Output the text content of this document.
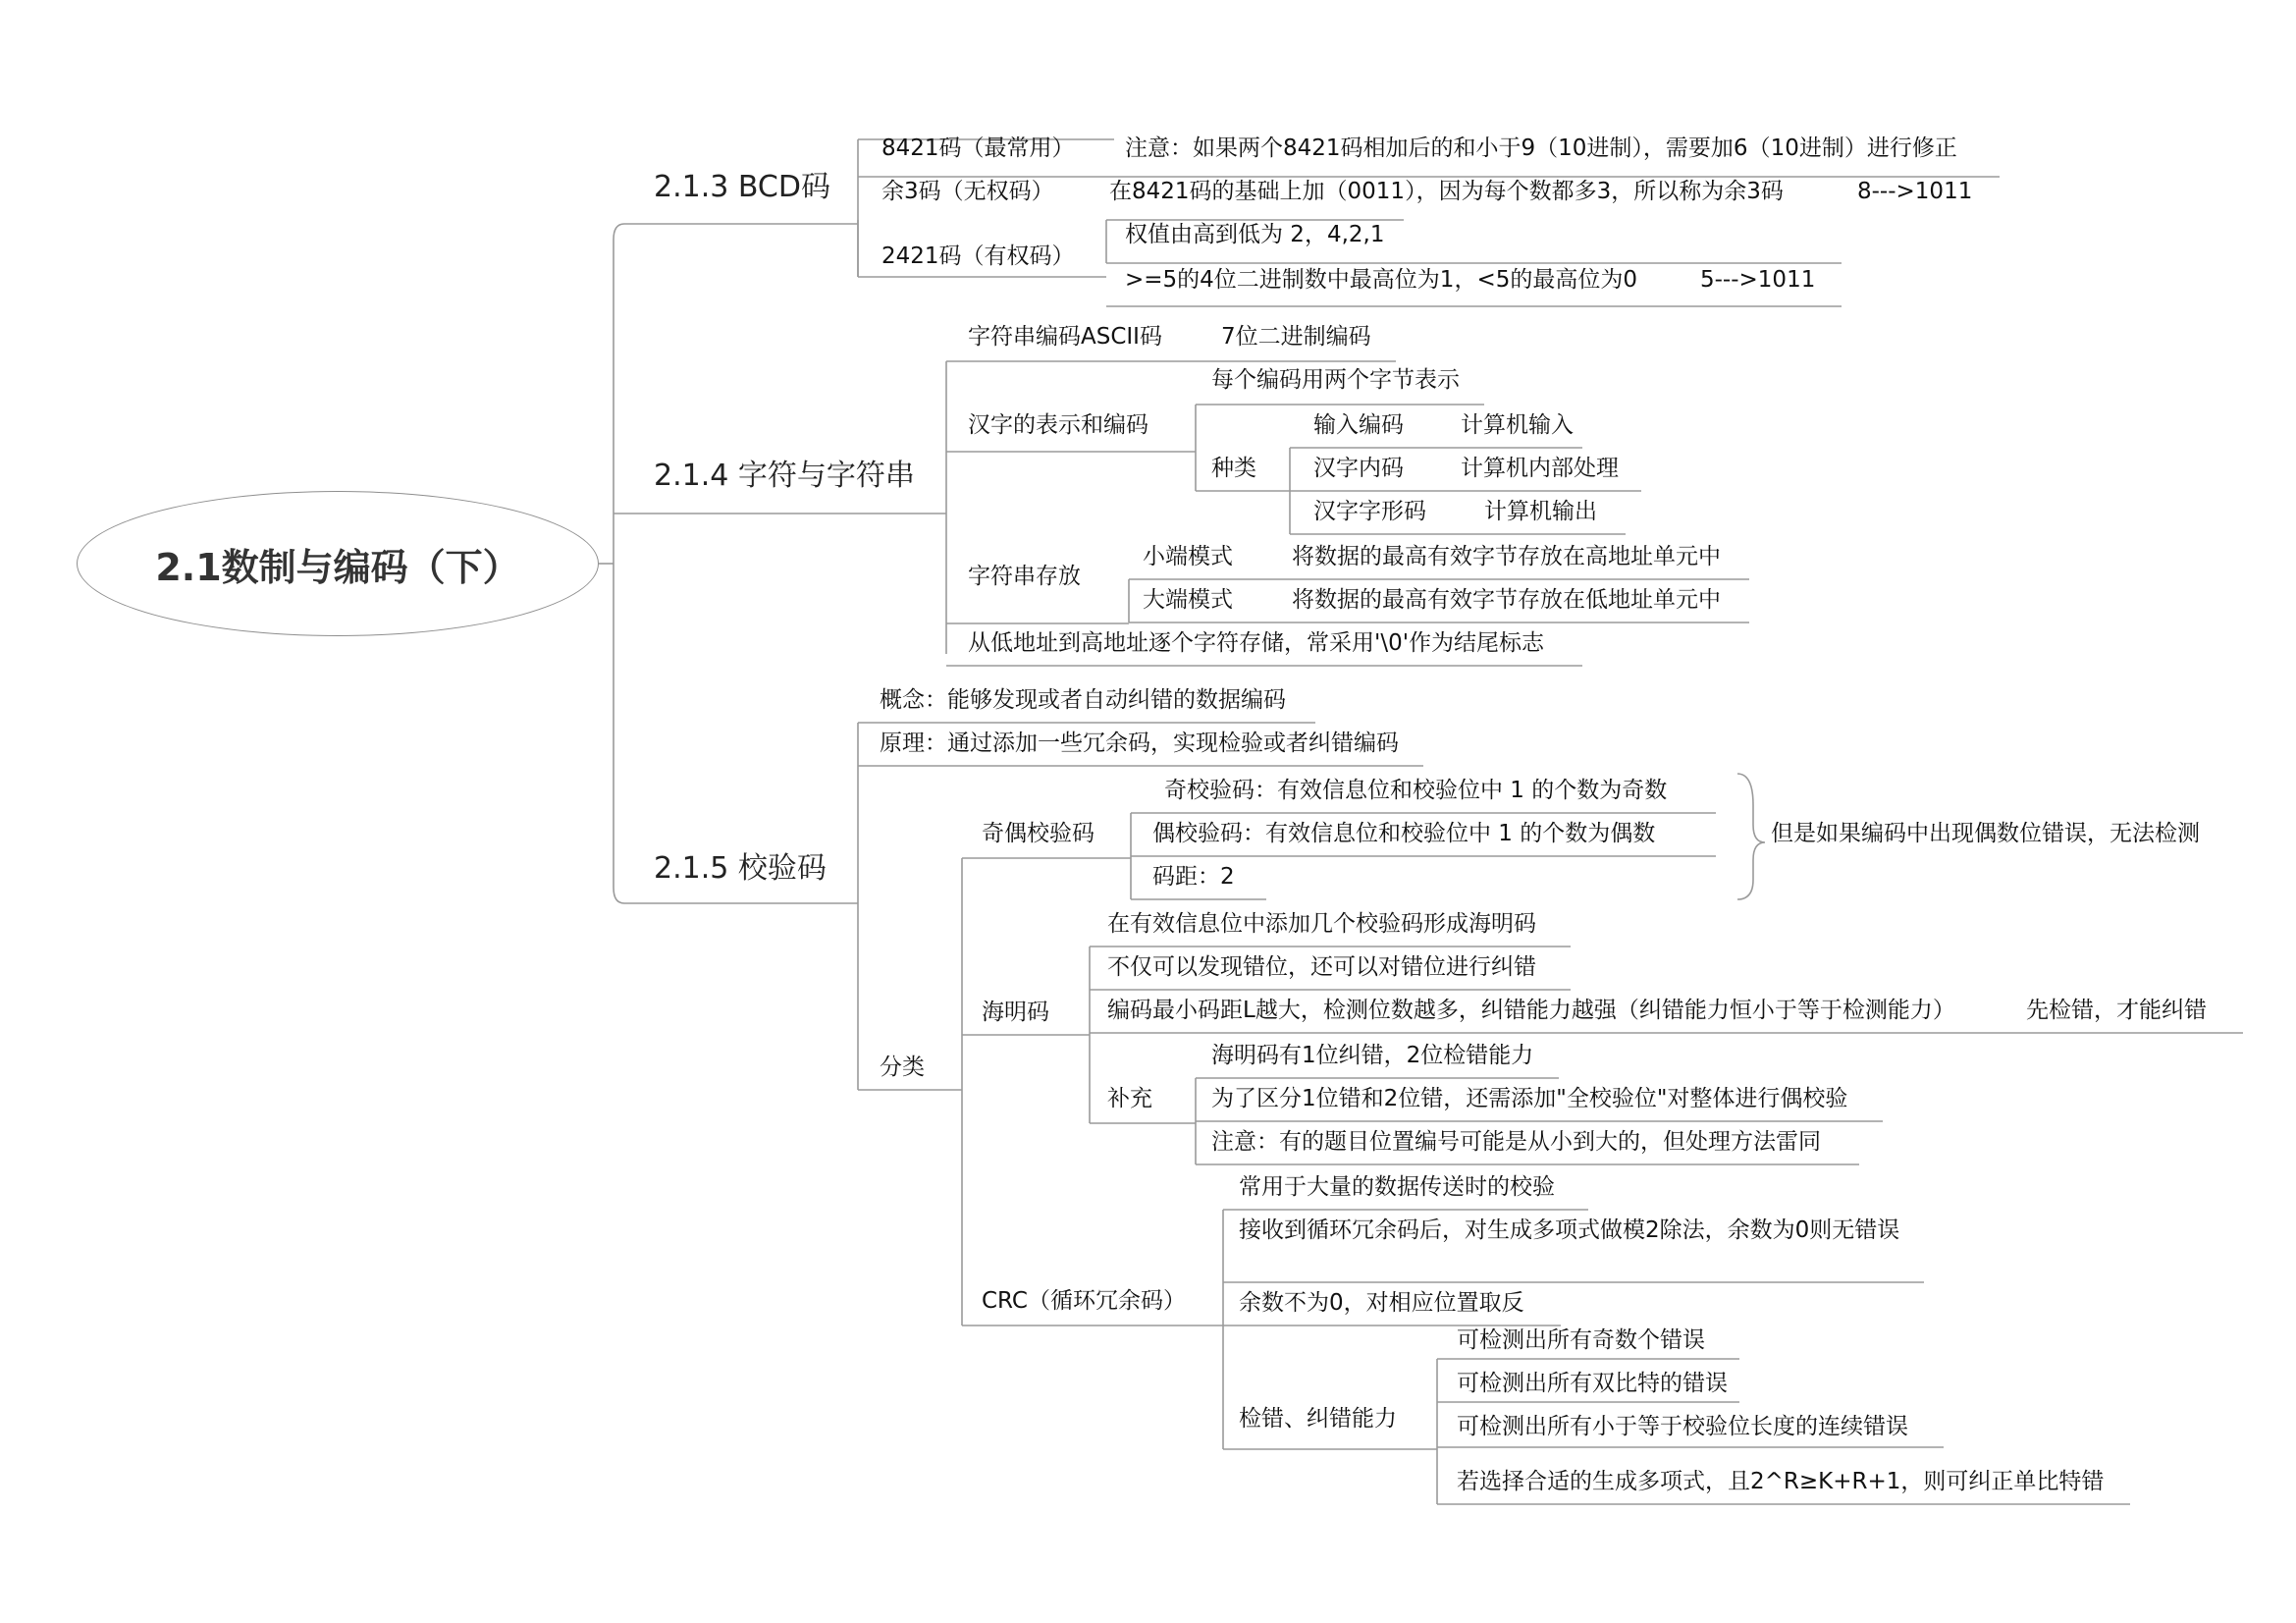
2.1数制与编码（下）
2.1.3 BCD码
8421码（最常用） 注意：如果两个8421码相加后的和小于9（10进制），需要加6（10进制）进行修正
余3码（无权码） 在8421码的基础上加（0011），因为每个数都多3，所以称为余3码	8--->1011
2421码（有权码）
权值由高到低为 2，4,2,1
>=5的4位二进制数中最高位为1，<5的最高位为0	5--->1011
2.1.4 字符与字符串
字符串编码ASCII码	7位二进制编码
汉字的表示和编码
每个编码用两个字节表示
种类
输入编码	计算机输入
汉字内码	计算机内部处理
汉字字形码	计算机输出
字符串存放
小端模式	将数据的最高有效字节存放在高地址单元中
大端模式	将数据的最高有效字节存放在低地址单元中
从低地址到高地址逐个字符存储，常采用'\0'作为结尾标志
2.1.5 校验码
概念：能够发现或者自动纠错的数据编码
原理：通过添加一些冗余码，实现检验或者纠错编码
分类
奇偶校验码
奇校验码：有效信息位和校验位中 1 的个数为奇数
偶校验码：有效信息位和校验位中 1 的个数为偶数
码距：2
但是如果编码中出现偶数位错误，无法检测
海明码
在有效信息位中添加几个校验码形成海明码
不仅可以发现错位，还可以对错位进行纠错
编码最小码距L越大，检测位数越多，纠错能力越强（纠错能力恒小于等于检测能力）	先检错，才能纠错
补充
海明码有1位纠错，2位检错能力
为了区分1位错和2位错，还需添加"全校验位"对整体进行偶校验
注意：有的题目位置编号可能是从小到大的，但处理方法雷同
CRC（循环冗余码）
常用于大量的数据传送时的校验
接收到循环冗余码后，对生成多项式做模2除法，余数为0则无错误
余数不为0，对相应位置取反
检错、纠错能力
可检测出所有奇数个错误
可检测出所有双比特的错误
可检测出所有小于等于校验位长度的连续错误
若选择合适的生成多项式，且2^R≥K+R+1，则可纠正单比特错
